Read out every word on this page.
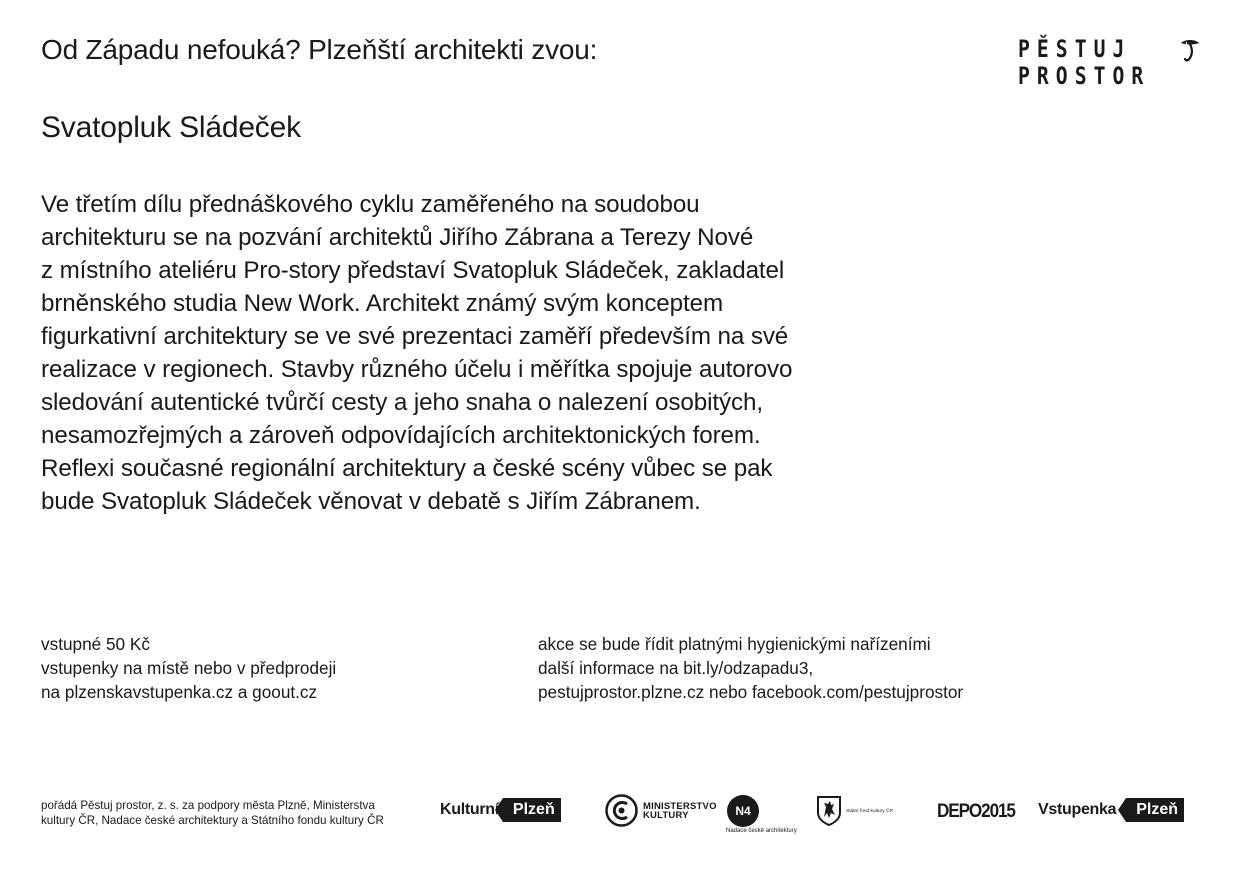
Od Západu nefouká? Plzeňští architekti zvou:
Svatopluk Sládeček
PĚSTUJ
PROSTOR
Ve třetím dílu přednáškového cyklu zaměřeného na soudobou
architekturu se na pozvání architektů Jiřího Zábrana a Terezy Nové
z místního ateliéru Pro-story představí Svatopluk Sládeček, zakladatel
brněnského studia New Work. Architekt známý svým konceptem
figurkativní architektury se ve své prezentaci zaměří především na své
realizace v regionech. Stavby různého účelu i měřítka spojuje autorovo
sledování autentické tvůrčí cesty a jeho snaha o nalezení osobitých,
nesamozřejmých a zároveň odpovídajících architektonických forem.
Reflexi současné regionální architektury a české scény vůbec se pak
bude Svatopluk Sládeček věnovat v debatě s Jiřím Zábranem.
vstupné 50 Kč
vstupenky na místě nebo v předprodeji
na plzenskavstupenka.cz a goout.cz
akce se bude řídit platnými hygienickými nařízeními
další informace na bit.ly/odzapadu3,
pestujprostor.plzne.cz nebo facebook.com/pestujprostor
pořádá Pěstuj prostor, z. s. za podpory města Plzně, Ministerstva
kultury ČR, Nadace české architektury a Státního fondu kultury ČR
Kulturní Plzeň	MINISTERSTVO
KULTURY	N4
Nadace české architektury
Státní fond kultury ČR DEPO2015 Vstupenka	Plzeň
